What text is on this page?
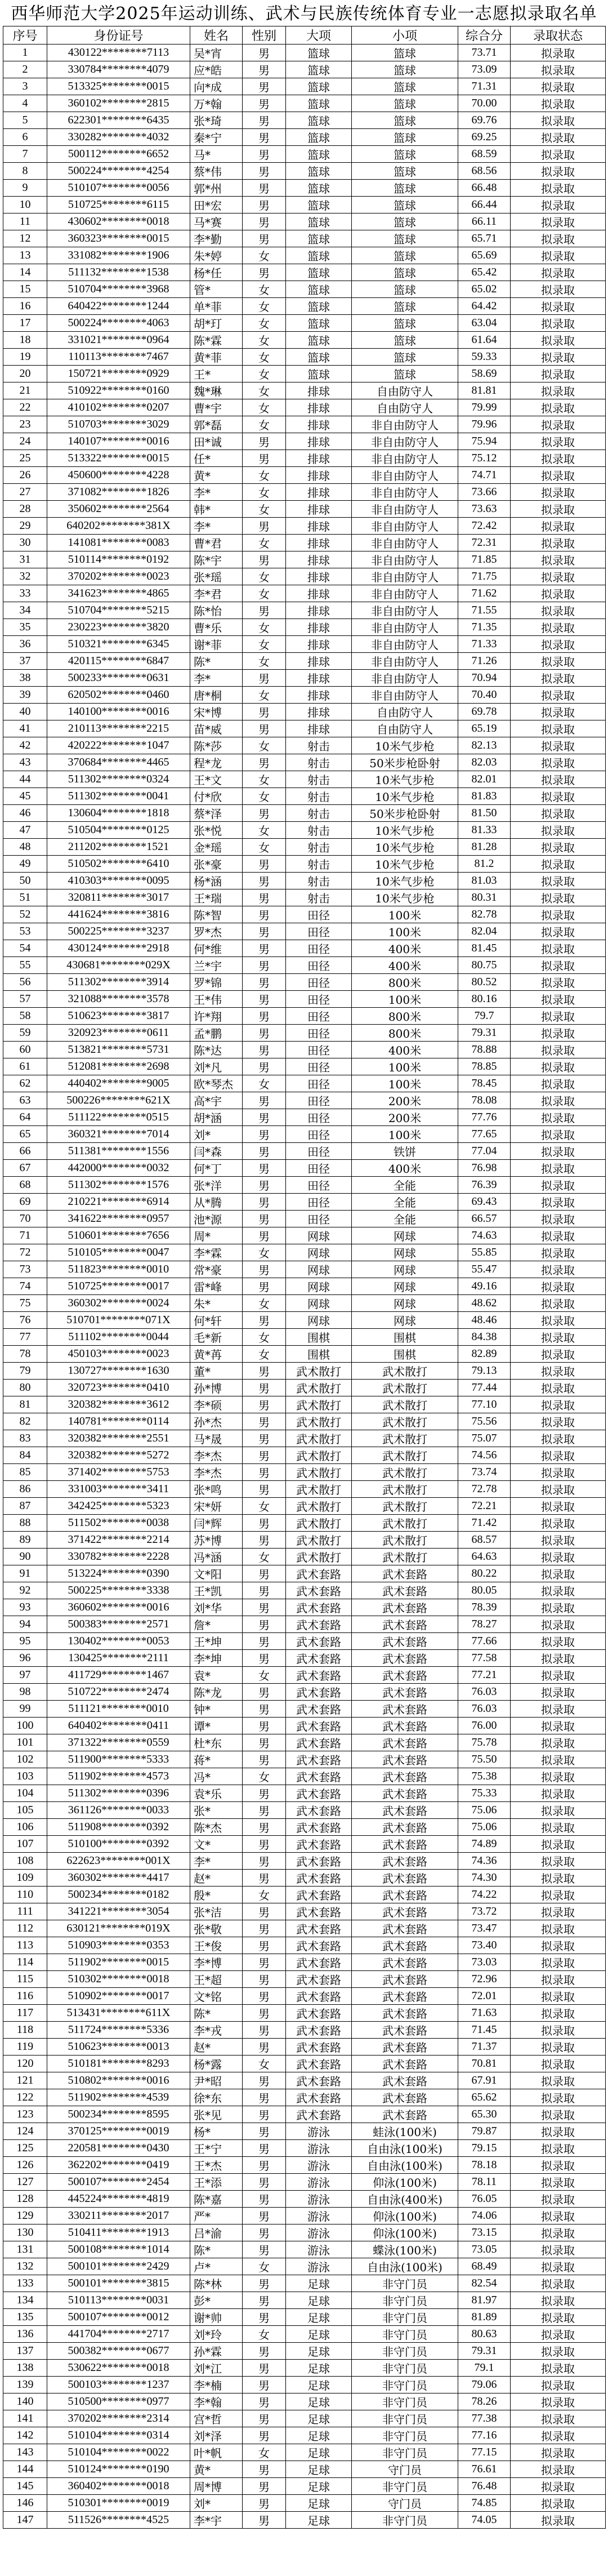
西华师范大学2025年运动训练、武术与民族传统体育专业一志愿拟录取名单
序号	身份证号	姓名	性别	大项	小项	综合分	录取状态
1	430122********7113	吴*宵	男	篮球	篮球	73.71	拟录取
2	330784********4079	应*皓	男	篮球	篮球	73.09	拟录取
3	513325********0015	向*成	男	篮球	篮球	71.31	拟录取
4	360102********2815	万*翰	男	篮球	篮球	70.00	拟录取
5	622301********6435	张*琦	男	篮球	篮球	69.76	拟录取
6	330282********4032	秦*宁	男	篮球	篮球	69.25	拟录取
7	500112********6652	马*	男	篮球	篮球	68.59	拟录取
8	500224********4254	蔡*伟	男	篮球	篮球	68.56	拟录取
9	510107********0056	郭*州	男	篮球	篮球	66.48	拟录取
10	510725********6115	田*宏	男	篮球	篮球	66.44	拟录取
11	430602********0018	马*赛	男	篮球	篮球	66.11	拟录取
12	360323********0015	李*勤	男	篮球	篮球	65.71	拟录取
13	331082********1906	朱*婷	女	篮球	篮球	65.69	拟录取
14	511132********1538	杨*任	男	篮球	篮球	65.42	拟录取
15	510704********3968	管*	女	篮球	篮球	65.02	拟录取
16	640422********1244	单*菲	女	篮球	篮球	64.42	拟录取
17	500224********4063	胡*玎	女	篮球	篮球	63.04	拟录取
18	331021********0964	陈*霖	女	篮球	篮球	61.64	拟录取
19	110113********7467	黄*菲	女	篮球	篮球	59.33	拟录取
20	150721********0929	王*	女	篮球	篮球	58.69	拟录取
21	510922********0160	魏*琳	女	排球	自由防守人	81.81	拟录取
22	410102********0207	曹*宇	女	排球	自由防守人	79.99	拟录取
23	510703********3029	郭*磊	女	排球	非自由防守人	79.96	拟录取
24	140107********0016	田*诚	男	排球	非自由防守人	75.94	拟录取
25	513322********0015	任*	男	排球	非自由防守人	75.12	拟录取
26	450600********4228	黄*	女	排球	非自由防守人	74.71	拟录取
27	371082********1826	李*	女	排球	非自由防守人	73.66	拟录取
28	350602********2564	韩*	女	排球	非自由防守人	73.63	拟录取
29	640202********381X	李*	男	排球	非自由防守人	72.42	拟录取
30	141081********0083	曹*君	女	排球	非自由防守人	72.31	拟录取
31	510114********0192	陈*宇	男	排球	非自由防守人	71.85	拟录取
32	370202********0023	张*瑶	女	排球	非自由防守人	71.75	拟录取
33	341623********4865	李*君	女	排球	非自由防守人	71.62	拟录取
34	510704********5215	陈*怡	男	排球	非自由防守人	71.55	拟录取
35	230223********3820	曹*乐	女	排球	非自由防守人	71.35	拟录取
36	510321********6345	谢*菲	女	排球	非自由防守人	71.33	拟录取
37	420115********6847	陈*	女	排球	非自由防守人	71.26	拟录取
38	500233********0631	李*	男	排球	非自由防守人	70.94	拟录取
39	620502********0460	唐*桐	女	排球	非自由防守人	70.40	拟录取
40	140100********0016	宋*博	男	排球	自由防守人	69.78	拟录取
41	210113********2215	苗*威	男	排球	自由防守人	65.19	拟录取
42	420222********1047	陈*莎	女	射击	10米气步枪	82.13	拟录取
43	370684********4465	程*龙	男	射击	50米步枪卧射	82.03	拟录取
44	511302********0324	王*文	女	射击	10米气步枪	82.01	拟录取
45	511302********0041	付*欣	女	射击	10米气步枪	81.83	拟录取
46	130604********1818	蔡*泽	男	射击	50米步枪卧射	81.50	拟录取
47	510504********0125	张*悦	女	射击	10米气步枪	81.33	拟录取
48	211202********1521	金*瑶	女	射击	10米气步枪	81.28	拟录取
49	510502********6410	张*豪	男	射击	10米气步枪	81.2	拟录取
50	410303********0095	杨*涵	男	射击	10米气步枪	81.03	拟录取
51	320811********3017	王*瑞	男	射击	10米气步枪	80.31	拟录取
52	441624********3816	陈*智	男	田径	100米	82.78	拟录取
53	500225********3237	罗*杰	男	田径	100米	82.04	拟录取
54	430124********2918	何*维	男	田径	400米	81.45	拟录取
55	430681********029X	兰*宇	男	田径	400米	80.75	拟录取
56	511302********3914	罗*锦	男	田径	800米	80.52	拟录取
57	321088********3578	王*伟	男	田径	100米	80.16	拟录取
58	510623********3817	许*翔	男	田径	800米	79.7	拟录取
59	320923********0611	孟*鹏	男	田径	800米	79.31	拟录取
60	513821********5731	陈*达	男	田径	400米	78.88	拟录取
61	512081********2698	刘*凡	男	田径	100米	78.85	拟录取
62	440402********9005	欧*琴杰	女	田径	100米	78.45	拟录取
63	500226********621X	高*宇	男	田径	200米	78.08	拟录取
64	511122********0515	胡*涵	男	田径	200米	77.76	拟录取
65	360321********7014	刘*	男	田径	100米	77.65	拟录取
66	511381********1556	闫*森	男	田径	铁饼	77.04	拟录取
67	442000********0032	何*丁	男	田径	400米	76.98	拟录取
68	511302********1576	张*洋	男	田径	全能	76.39	拟录取
69	210221********6914	从*腾	男	田径	全能	69.43	拟录取
70	341622********0957	池*源	男	田径	全能	66.57	拟录取
71	510601********7656	周*	男	网球	网球	74.63	拟录取
72	510105********0047	李*霖	女	网球	网球	55.85	拟录取
73	511823********0010	常*豪	男	网球	网球	55.47	拟录取
74	510725********0017	雷*峰	男	网球	网球	49.16	拟录取
75	360302********0024	朱*	女	网球	网球	48.62	拟录取
76	510701********071X	何*轩	男	网球	网球	48.46	拟录取
77	511102********0044	毛*新	女	围棋	围棋	84.38	拟录取
78	450103********0023	黄*苒	女	围棋	围棋	82.89	拟录取
79	130727********1630	董*	男	武术散打	武术散打	79.13	拟录取
80	320723********0410	孙*博	男	武术散打	武术散打	77.44	拟录取
81	320382********3612	李*硕	男	武术散打	武术散打	77.10	拟录取
82	140781********0114	孙*杰	男	武术散打	武术散打	75.56	拟录取
83	320382********2551	马*晟	男	武术散打	武术散打	75.07	拟录取
84	320382********5272	李*杰	男	武术散打	武术散打	74.56	拟录取
85	371402********5753	李*杰	男	武术散打	武术散打	73.74	拟录取
86	331003********3411	张*鸣	男	武术散打	武术散打	72.78	拟录取
87	342425********5323	宋*妍	女	武术散打	武术散打	72.21	拟录取
88	511502********0038	闫*辉	男	武术散打	武术散打	71.42	拟录取
89	371422********2214	苏*博	男	武术散打	武术散打	68.57	拟录取
90	330782********2228	冯*涵	女	武术散打	武术散打	64.63	拟录取
91	513224********0390	文*阳	男	武术套路	武术套路	80.22	拟录取
92	500225********3338	王*凯	男	武术套路	武术套路	80.05	拟录取
93	360602********0016	刘*华	男	武术套路	武术套路	78.39	拟录取
94	500383********2571	詹*	男	武术套路	武术套路	78.27	拟录取
95	130402********0053	王*坤	男	武术套路	武术套路	77.66	拟录取
96	130425********2111	李*坤	男	武术套路	武术套路	77.58	拟录取
97	411729********1467	袁*	女	武术套路	武术套路	77.21	拟录取
98	510722********2474	陈*龙	男	武术套路	武术套路	76.03	拟录取
99	511121********0010	钟*	男	武术套路	武术套路	76.03	拟录取
100	640402********0411	谭*	男	武术套路	武术套路	76.00	拟录取
101	371322********0559	杜*东	男	武术套路	武术套路	75.78	拟录取
102	511900********5333	蒋*	男	武术套路	武术套路	75.50	拟录取
103	511902********4573	冯*	女	武术套路	武术套路	75.38	拟录取
104	511302********0396	袁*乐	男	武术套路	武术套路	75.33	拟录取
105	361126********0033	张*	男	武术套路	武术套路	75.06	拟录取
106	511908********0392	陈*杰	男	武术套路	武术套路	75.06	拟录取
107	510100********0392	文*	男	武术套路	武术套路	74.89	拟录取
108	622623********001X	李*	男	武术套路	武术套路	74.36	拟录取
109	360302********4417	赵*	男	武术套路	武术套路	74.30	拟录取
110	500234********0182	殷*	女	武术套路	武术套路	74.22	拟录取
111	341221********3054	张*洁	男	武术套路	武术套路	73.72	拟录取
112	630121********019X	张*敬	男	武术套路	武术套路	73.47	拟录取
113	510903********0353	王*俊	男	武术套路	武术套路	73.40	拟录取
114	511902********0015	李*博	男	武术套路	武术套路	73.03	拟录取
115	510302********0018	王*超	男	武术套路	武术套路	72.96	拟录取
116	510902********0017	文*铭	男	武术套路	武术套路	72.01	拟录取
117	513431********611X	陈*	男	武术套路	武术套路	71.63	拟录取
118	511724********5336	李*戎	男	武术套路	武术套路	71.45	拟录取
119	510623********0013	赵*	男	武术套路	武术套路	71.37	拟录取
120	510181********8293	杨*露	女	武术套路	武术套路	70.81	拟录取
121	510802********0016	尹*昭	男	武术套路	武术套路	67.91	拟录取
122	511902********4539	徐*东	男	武术套路	武术套路	65.62	拟录取
123	500234********8595	张*见	男	武术套路	武术套路	65.30	拟录取
124	370125********0019	杨*	男	游泳	蛙泳(100米)	79.87	拟录取
125	220581********0430	王*宁	男	游泳	自由泳(100米)	79.15	拟录取
126	362202********0419	王*杰	男	游泳	自由泳(100米)	78.18	拟录取
127	500107********2454	王*添	男	游泳	仰泳(100米)	78.11	拟录取
128	445224********4819	陈*嘉	男	游泳	自由泳(400米)	76.05	拟录取
129	330211********2017	严*	男	游泳	仰泳(100米)	74.06	拟录取
130	510411********1913	吕*渝	男	游泳	仰泳(100米)	73.15	拟录取
131	500108********1014	陈*	男	游泳	蝶泳(100米)	73.05	拟录取
132	500101********2429	卢*	女	游泳	自由泳(100米)	68.49	拟录取
133	500101********3815	陈*林	男	足球	非守门员	82.54	拟录取
134	510113********0031	彭*	男	足球	非守门员	81.97	拟录取
135	500107********0012	谢*帅	男	足球	非守门员	81.89	拟录取
136	441704********2717	刘*玲	女	足球	非守门员	80.63	拟录取
137	500382********0677	孙*霖	男	足球	非守门员	79.31	拟录取
138	530622********0018	刘*江	男	足球	非守门员	79.1	拟录取
139	500103********1237	李*楠	男	足球	非守门员	79.06	拟录取
140	510500********0977	李*翰	男	足球	非守门员	78.26	拟录取
141	370202********2314	宫*哲	男	足球	非守门员	77.38	拟录取
142	510104********0314	刘*泽	男	足球	非守门员	77.16	拟录取
143	510104********0022	叶*帆	女	足球	非守门员	77.15	拟录取
144	510124********0190	黄*	男	足球	守门员	76.61	拟录取
145	360402********0018	周*博	男	足球	非守门员	76.48	拟录取
146	510301********0019	刘*	男	足球	守门员	74.85	拟录取
147	511526********4525	李*宇	男	足球	非守门员	74.05	拟录取
